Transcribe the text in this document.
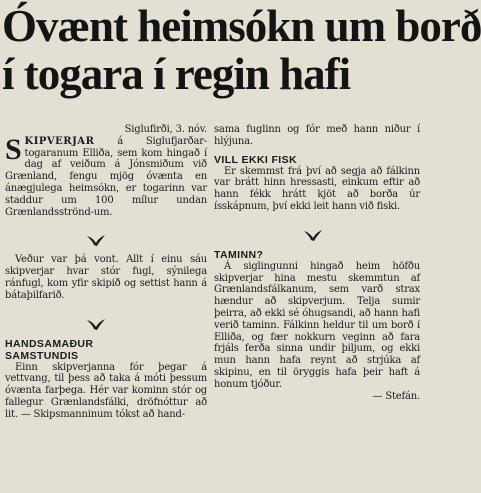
Óvænt heimsókn um borð
í togara í regin hafi

Siglufirði, 3. nóv.

SKIPVERJAR á Siglufjarðar-togaranum Elliða, sem kom hingað í dag af veiðum á Jónsmiðum við Grænland, fengu mjög óvænta en ánægjulega heimsókn, er togarinn var staddur um 100 mílur undan Grænlandsströnd-um.

Veður var þá vont. Allt í einu sáu skipverjar hvar stór fugl, sýnilega ránfugl, kom yfir skipið og settist hann á bátaþilfarið.

HANDSAMAÐUR
SAMSTUNDIS

Einn skipverjanna fór þegar á vettvang, til þess að taka á móti þessum óvænta farþega. Hér var kominn stór og fallegur Grænlandsfálki, dröfnóttur að lit. — Skipsmanninum tókst að hand-

sama fuglinn og fór með hann niður í hlýjuna.

VILL EKKI FISK

Er skemmst frá því að segja að fálkinn var brátt hinn hressasti, einkum eftir að hann fékk hrátt kjöt að borða úr ísskápnum, því ekki leit hann við fiski.

TAMINN?

Á siglingunni hingað heim höfðu skipverjar hina mestu skemmtun af Grænlandsfálkanum, sem varð strax hændur að skipverjum. Telja sumir þeirra, að ekki sé óhugsandi, að hann hafi verið taminn. Fálkinn heldur til um borð í Elliða, og fær nokkurn veginn að fara frjáls ferða sinna undir þiljum, og ekki mun hann hafa reynt að strjúka af skipinu, en til öryggis hafa þeir haft á honum tjóður.

— Stefán.
